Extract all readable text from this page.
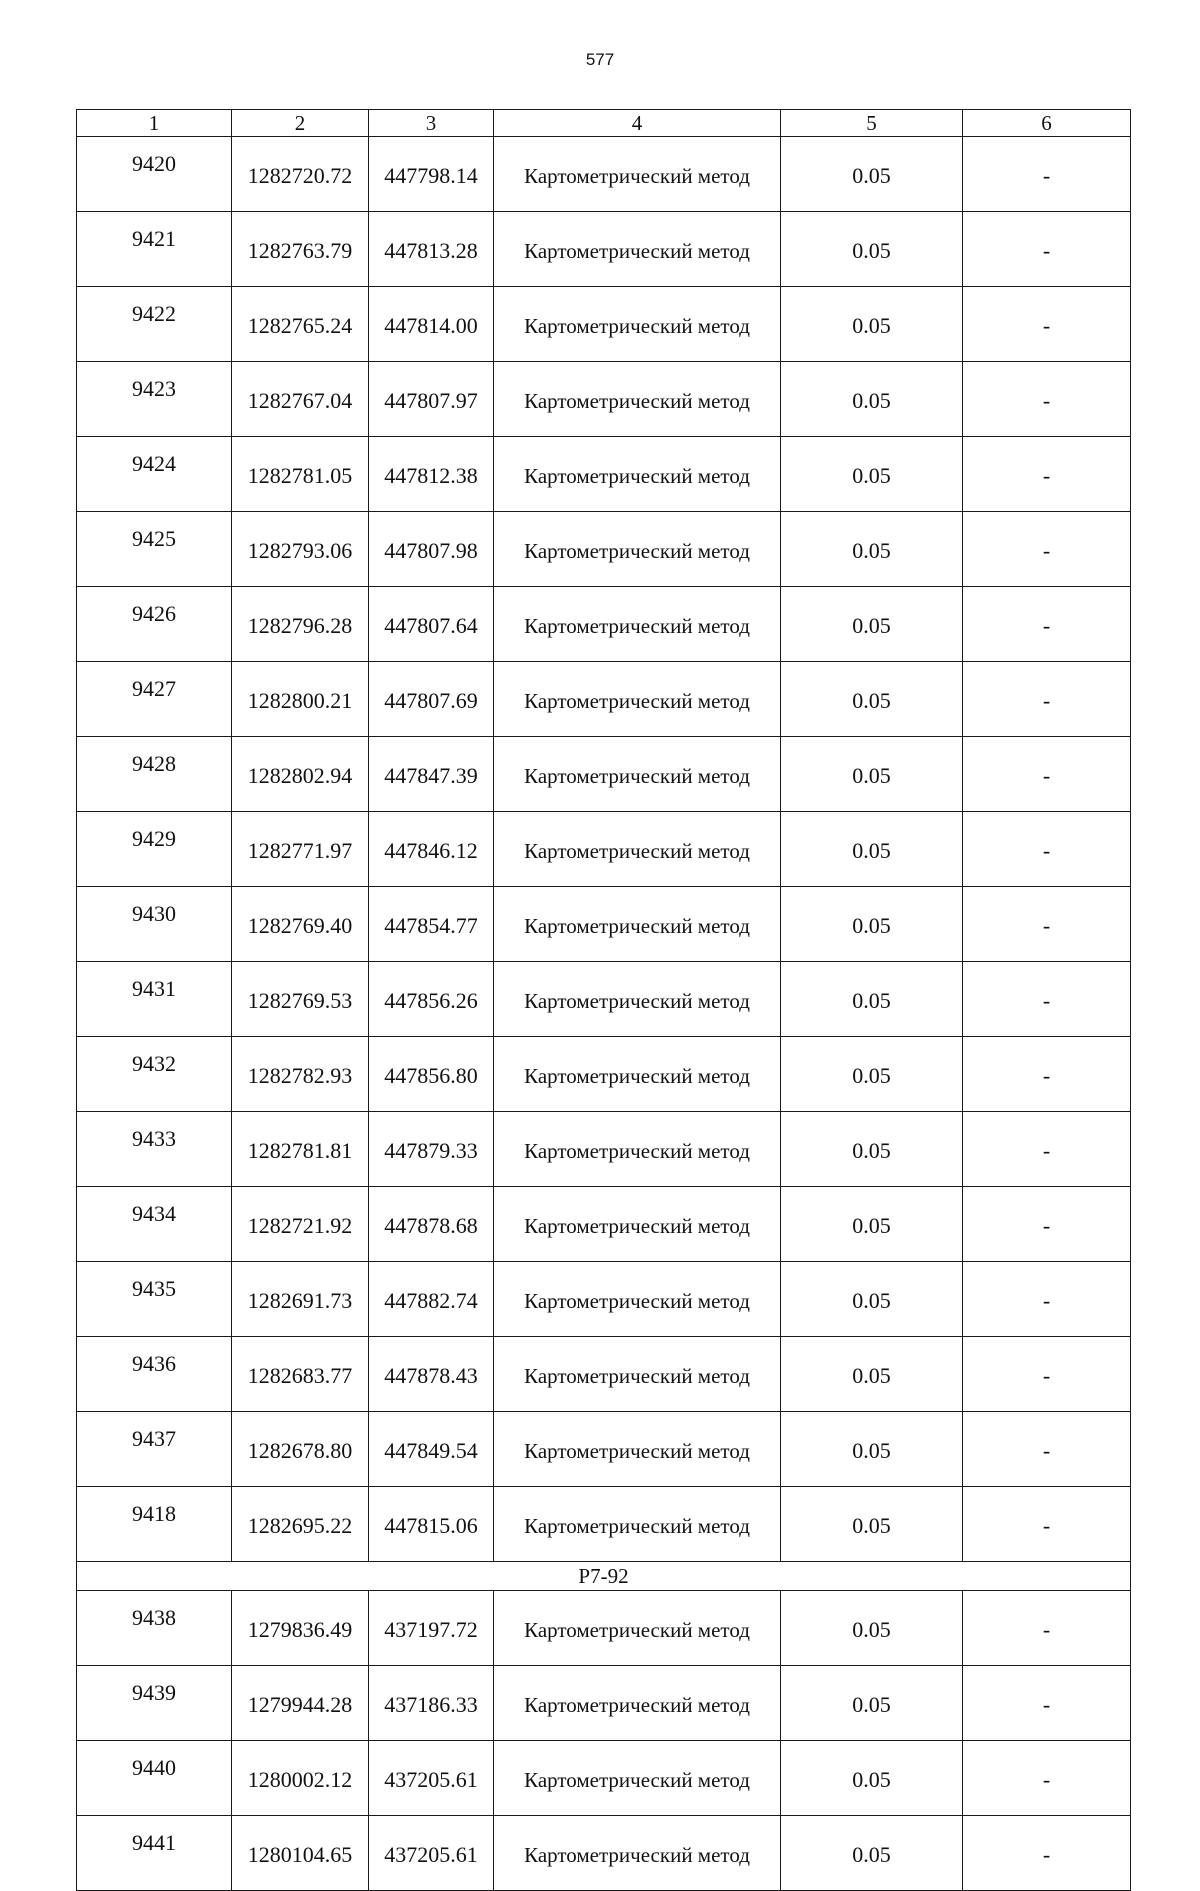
577
1	2	3	4	5	6
9420	1282720.72	447798.14	Картометрический метод	0.05	-
9421	1282763.79	447813.28	Картометрический метод	0.05	-
9422	1282765.24	447814.00	Картометрический метод	0.05	-
9423	1282767.04	447807.97	Картометрический метод	0.05	-
9424	1282781.05	447812.38	Картометрический метод	0.05	-
9425	1282793.06	447807.98	Картометрический метод	0.05	-
9426	1282796.28	447807.64	Картометрический метод	0.05	-
9427	1282800.21	447807.69	Картометрический метод	0.05	-
9428	1282802.94	447847.39	Картометрический метод	0.05	-
9429	1282771.97	447846.12	Картометрический метод	0.05	-
9430	1282769.40	447854.77	Картометрический метод	0.05	-
9431	1282769.53	447856.26	Картометрический метод	0.05	-
9432	1282782.93	447856.80	Картометрический метод	0.05	-
9433	1282781.81	447879.33	Картометрический метод	0.05	-
9434	1282721.92	447878.68	Картометрический метод	0.05	-
9435	1282691.73	447882.74	Картометрический метод	0.05	-
9436	1282683.77	447878.43	Картометрический метод	0.05	-
9437	1282678.80	447849.54	Картометрический метод	0.05	-
9418	1282695.22	447815.06	Картометрический метод	0.05	-
Р7-92					
9438	1279836.49	437197.72	Картометрический метод	0.05	-
9439	1279944.28	437186.33	Картометрический метод	0.05	-
9440	1280002.12	437205.61	Картометрический метод	0.05	-
9441	1280104.65	437205.61	Картометрический метод	0.05	-
